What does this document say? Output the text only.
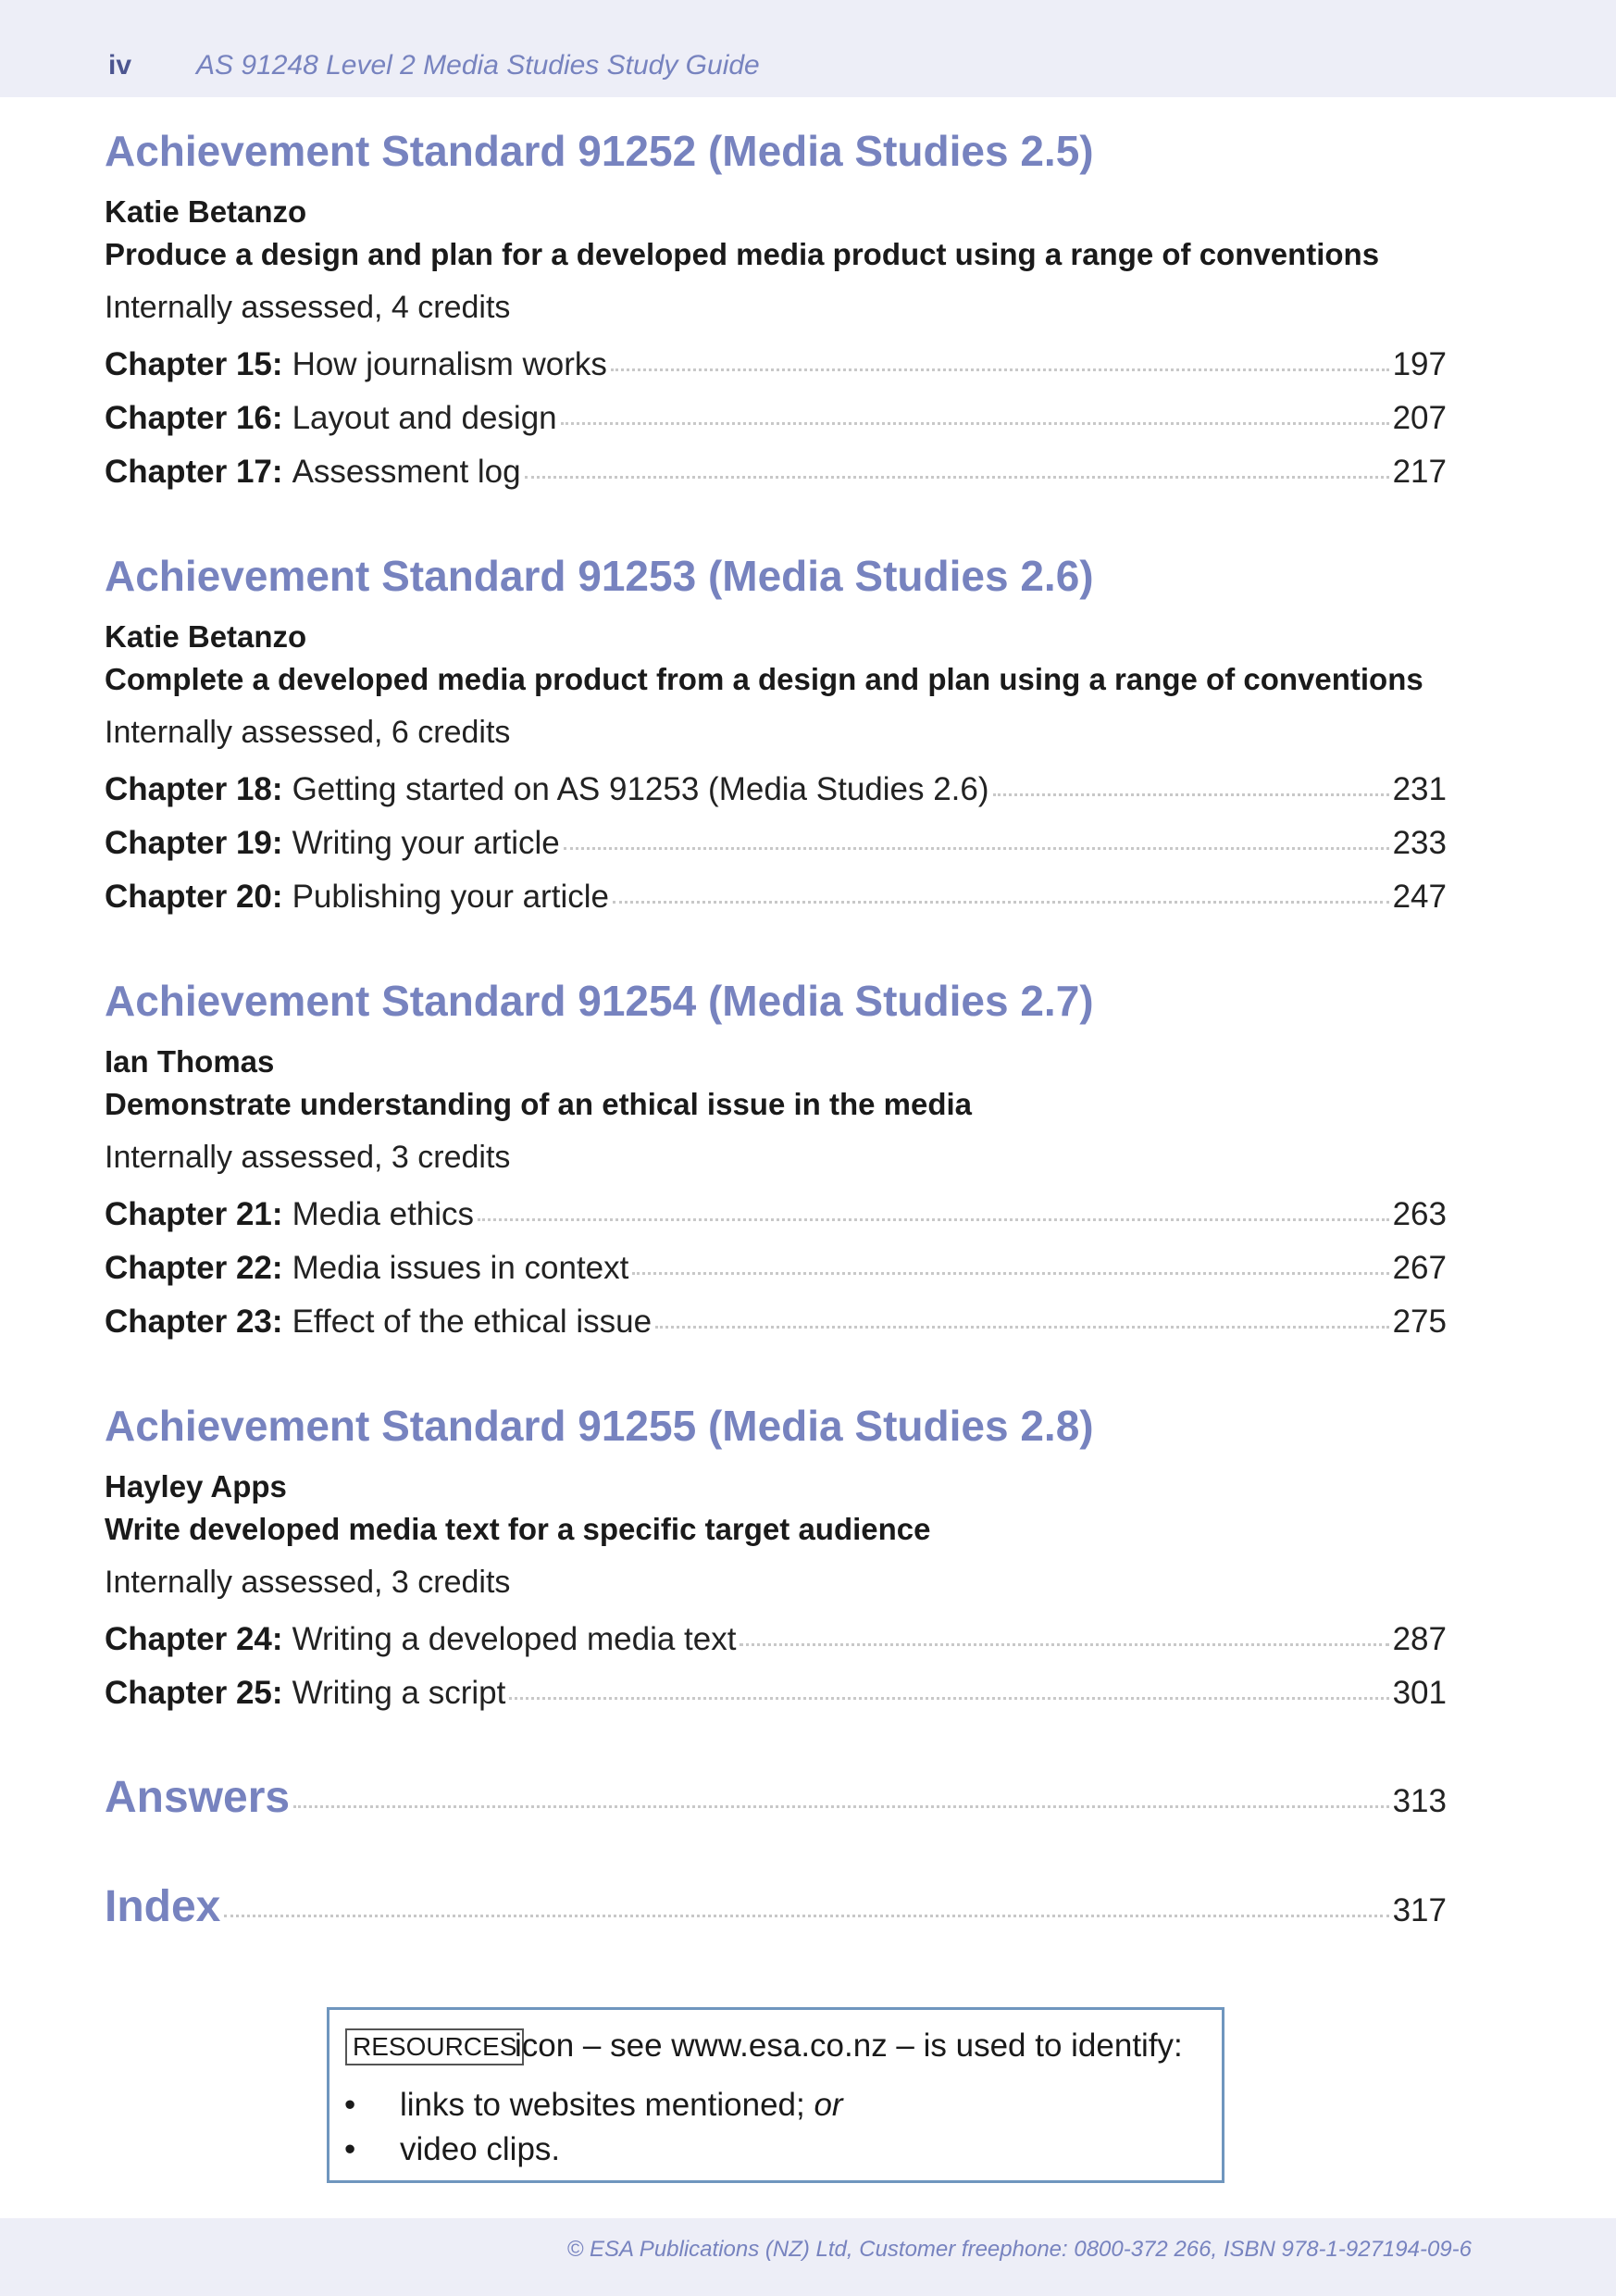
iv AS 91248 Level 2 Media Studies Study Guide
Achievement Standard 91252 (Media Studies 2.5)
Katie Betanzo
Produce a design and plan for a developed media product using a range of conventions
Internally assessed, 4 credits
Chapter 15: How journalism works	197
Chapter 16: Layout and design	207
Chapter 17: Assessment log	217
Achievement Standard 91253 (Media Studies 2.6)
Katie Betanzo
Complete a developed media product from a design and plan using a range of conventions
Internally assessed, 6 credits
Chapter 18: Getting started on AS 91253 (Media Studies 2.6)	231
Chapter 19: Writing your article	233
Chapter 20: Publishing your article	247
Achievement Standard 91254 (Media Studies 2.7)
Ian Thomas
Demonstrate understanding of an ethical issue in the media
Internally assessed, 3 credits
Chapter 21: Media ethics	263
Chapter 22: Media issues in context	267
Chapter 23: Effect of the ethical issue	275
Achievement Standard 91255 (Media Studies 2.8)
Hayley Apps
Write developed media text for a specific target audience
Internally assessed, 3 credits
Chapter 24: Writing a developed media text	287
Chapter 25: Writing a script	301
Answers	313
Index	317
RESOURCES
icon – see www.esa.co.nz – is used to identify:
• links to websites mentioned; or
• video clips.
© ESA Publications (NZ) Ltd, Customer freephone: 0800-372 266, ISBN 978-1-927194-09-6
